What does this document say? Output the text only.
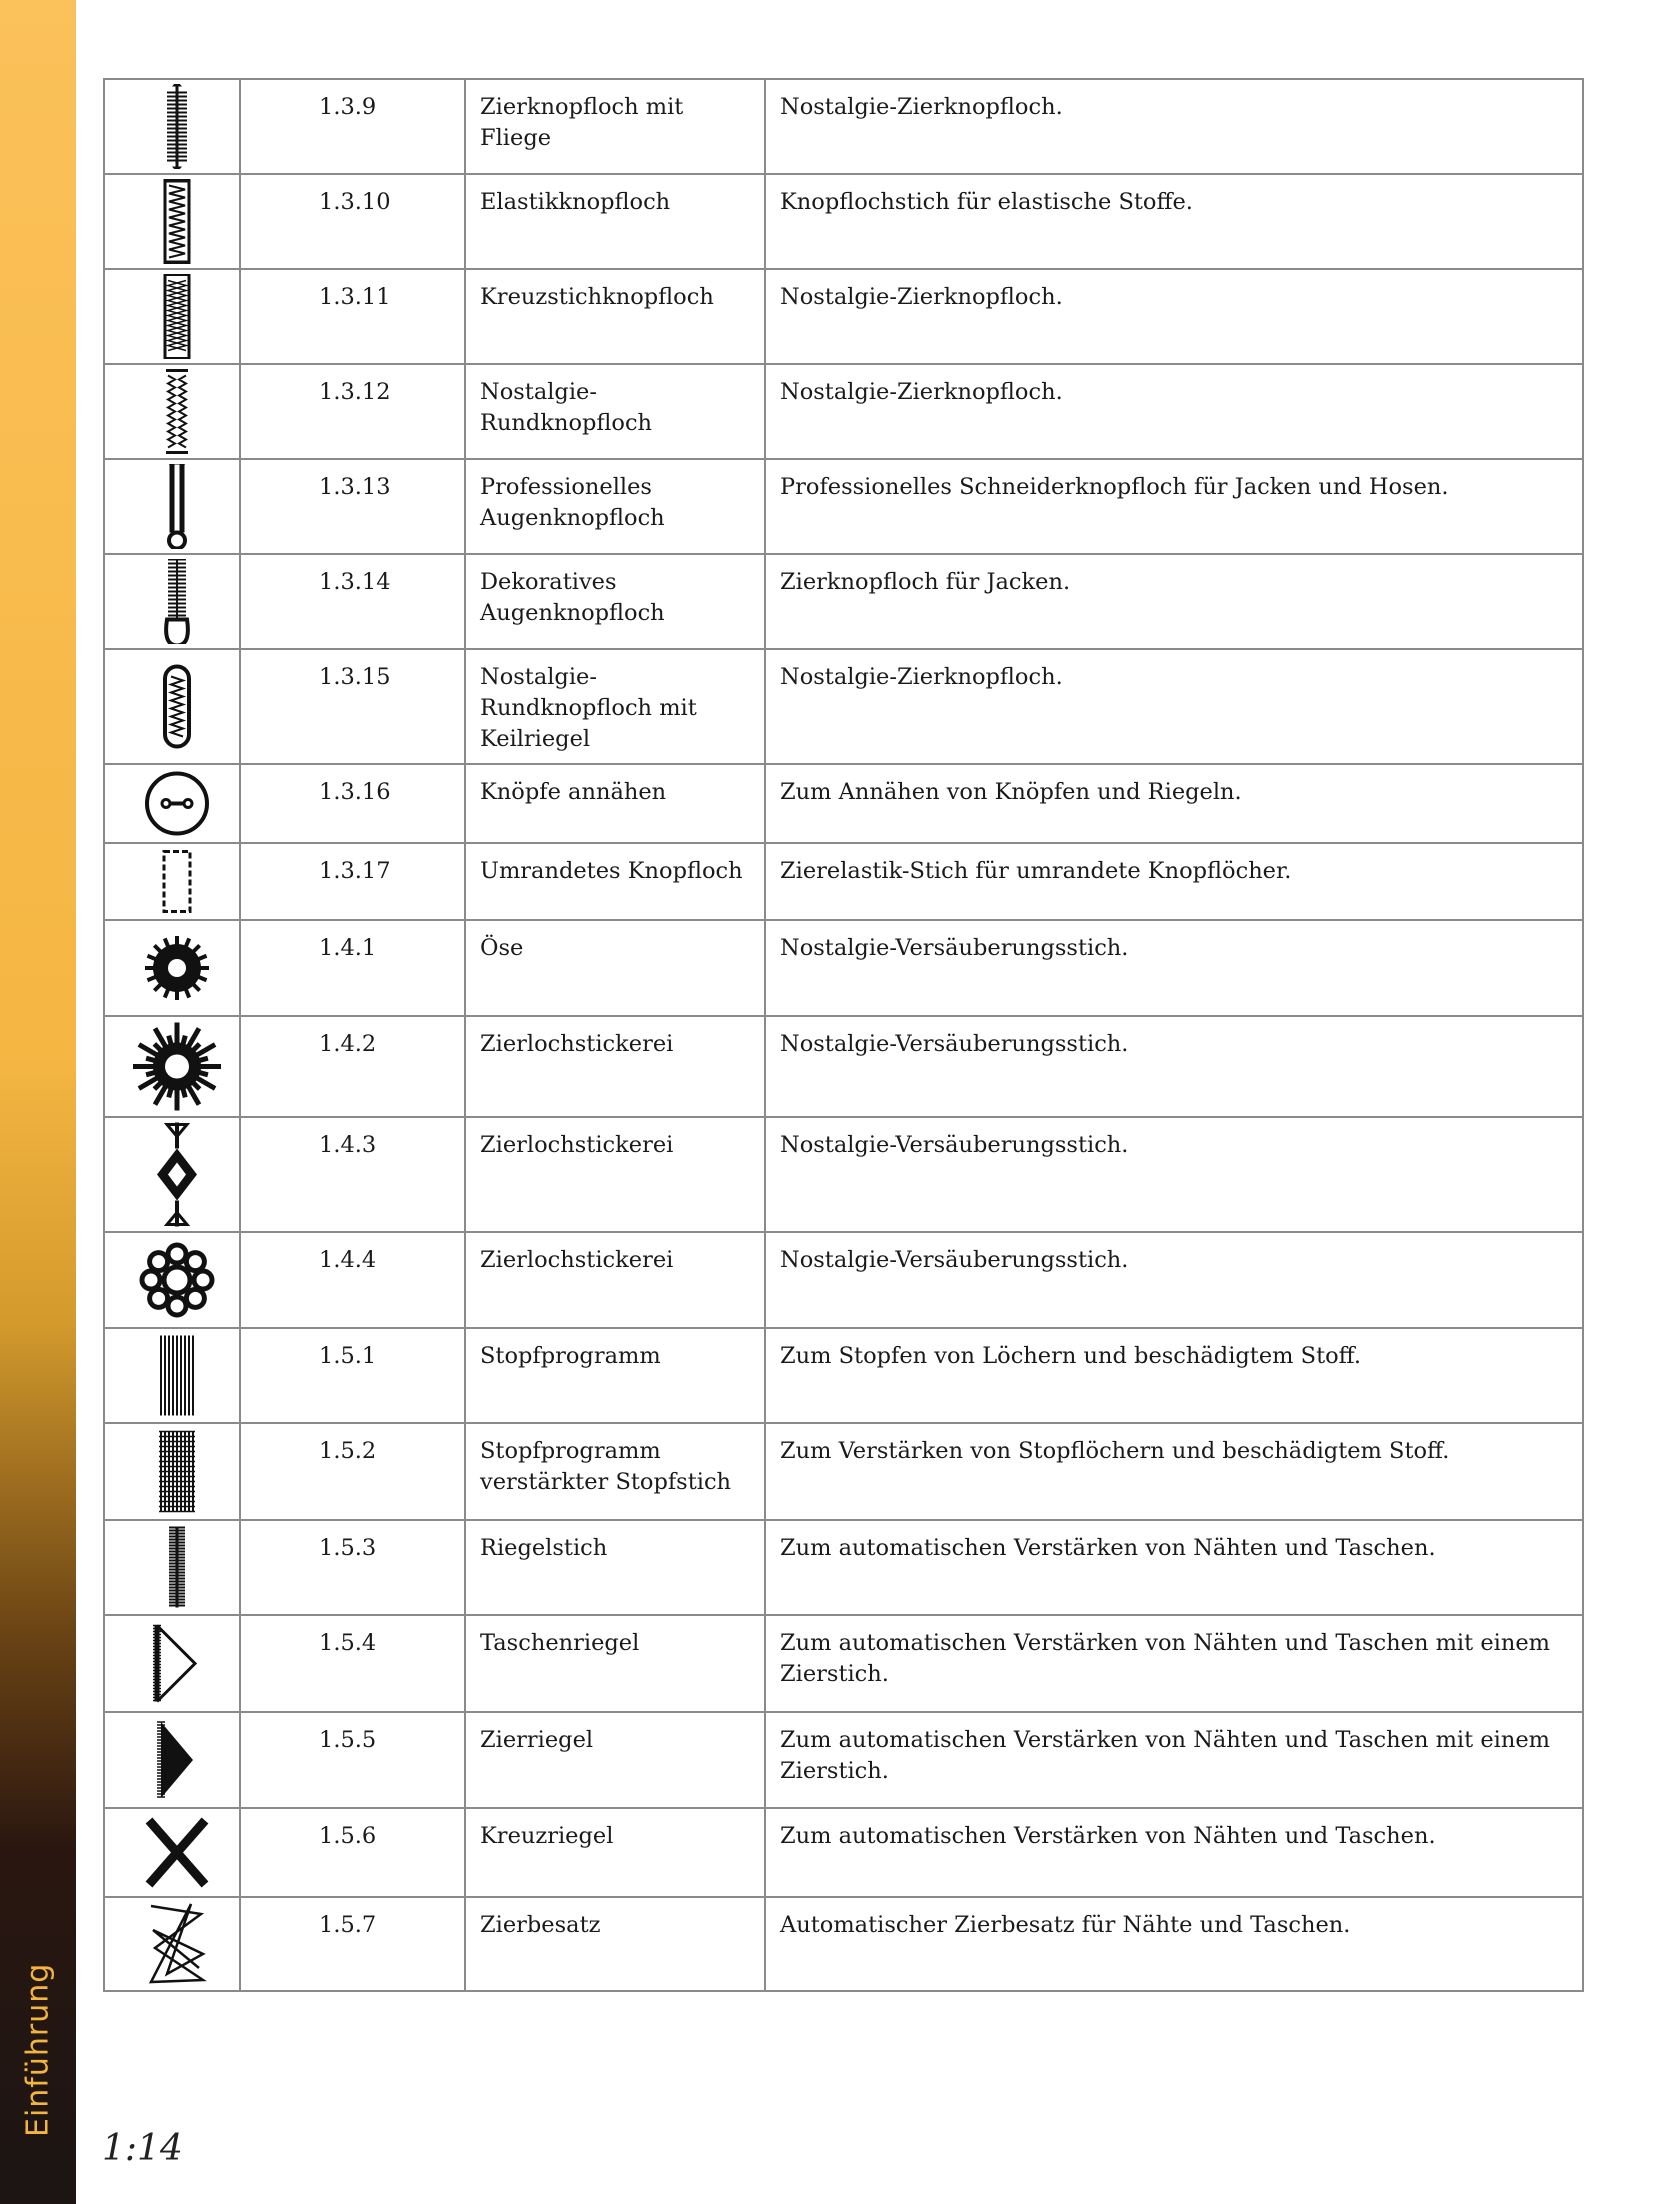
Einführung
	1.3.9	Zierknopfloch mit Fliege	Nostalgie-Zierknopfloch.

	1.3.10	Elastikknopfloch	Knopflochstich für elastische Stoffe.

	1.3.11	Kreuzstichknopfloch	Nostalgie-Zierknopfloch.

	1.3.12	Nostalgie-Rundknopfloch	Nostalgie-Zierknopfloch.

	1.3.13	Professionelles Augenknopfloch	Professionelles Schneiderknopfloch für Jacken und Hosen.

	1.3.14	Dekoratives Augenknopfloch	Zierknopfloch für Jacken.

	1.3.15	Nostalgie-Rundknopfloch mit Keilriegel	Nostalgie-Zierknopfloch.

	1.3.16	Knöpfe annähen	Zum Annähen von Knöpfen und Riegeln.

	1.3.17	Umrandetes Knopfloch	Zierelastik-Stich für umrandete Knopflöcher.

	1.4.1	Öse	Nostalgie-Versäuberungsstich.

	1.4.2	Zierlochstickerei	Nostalgie-Versäuberungsstich.

	1.4.3	Zierlochstickerei	Nostalgie-Versäuberungsstich.

	1.4.4	Zierlochstickerei	Nostalgie-Versäuberungsstich.

	1.5.1	Stopfprogramm	Zum Stopfen von Löchern und beschädigtem Stoff.

	1.5.2	Stopfprogramm verstärkter Stopfstich	Zum Verstärken von Stopflöchern und beschädigtem Stoff.

	1.5.3	Riegelstich	Zum automatischen Verstärken von Nähten und Taschen.

	1.5.4	Taschenriegel	Zum automatischen Verstärken von Nähten und Taschen mit einem Zierstich.

	1.5.5	Zierriegel	Zum automatischen Verstärken von Nähten und Taschen mit einem Zierstich.

	1.5.6	Kreuzriegel	Zum automatischen Verstärken von Nähten und Taschen.

	1.5.7	Zierbesatz	Automatischer Zierbesatz für Nähte und Taschen.
1:14
